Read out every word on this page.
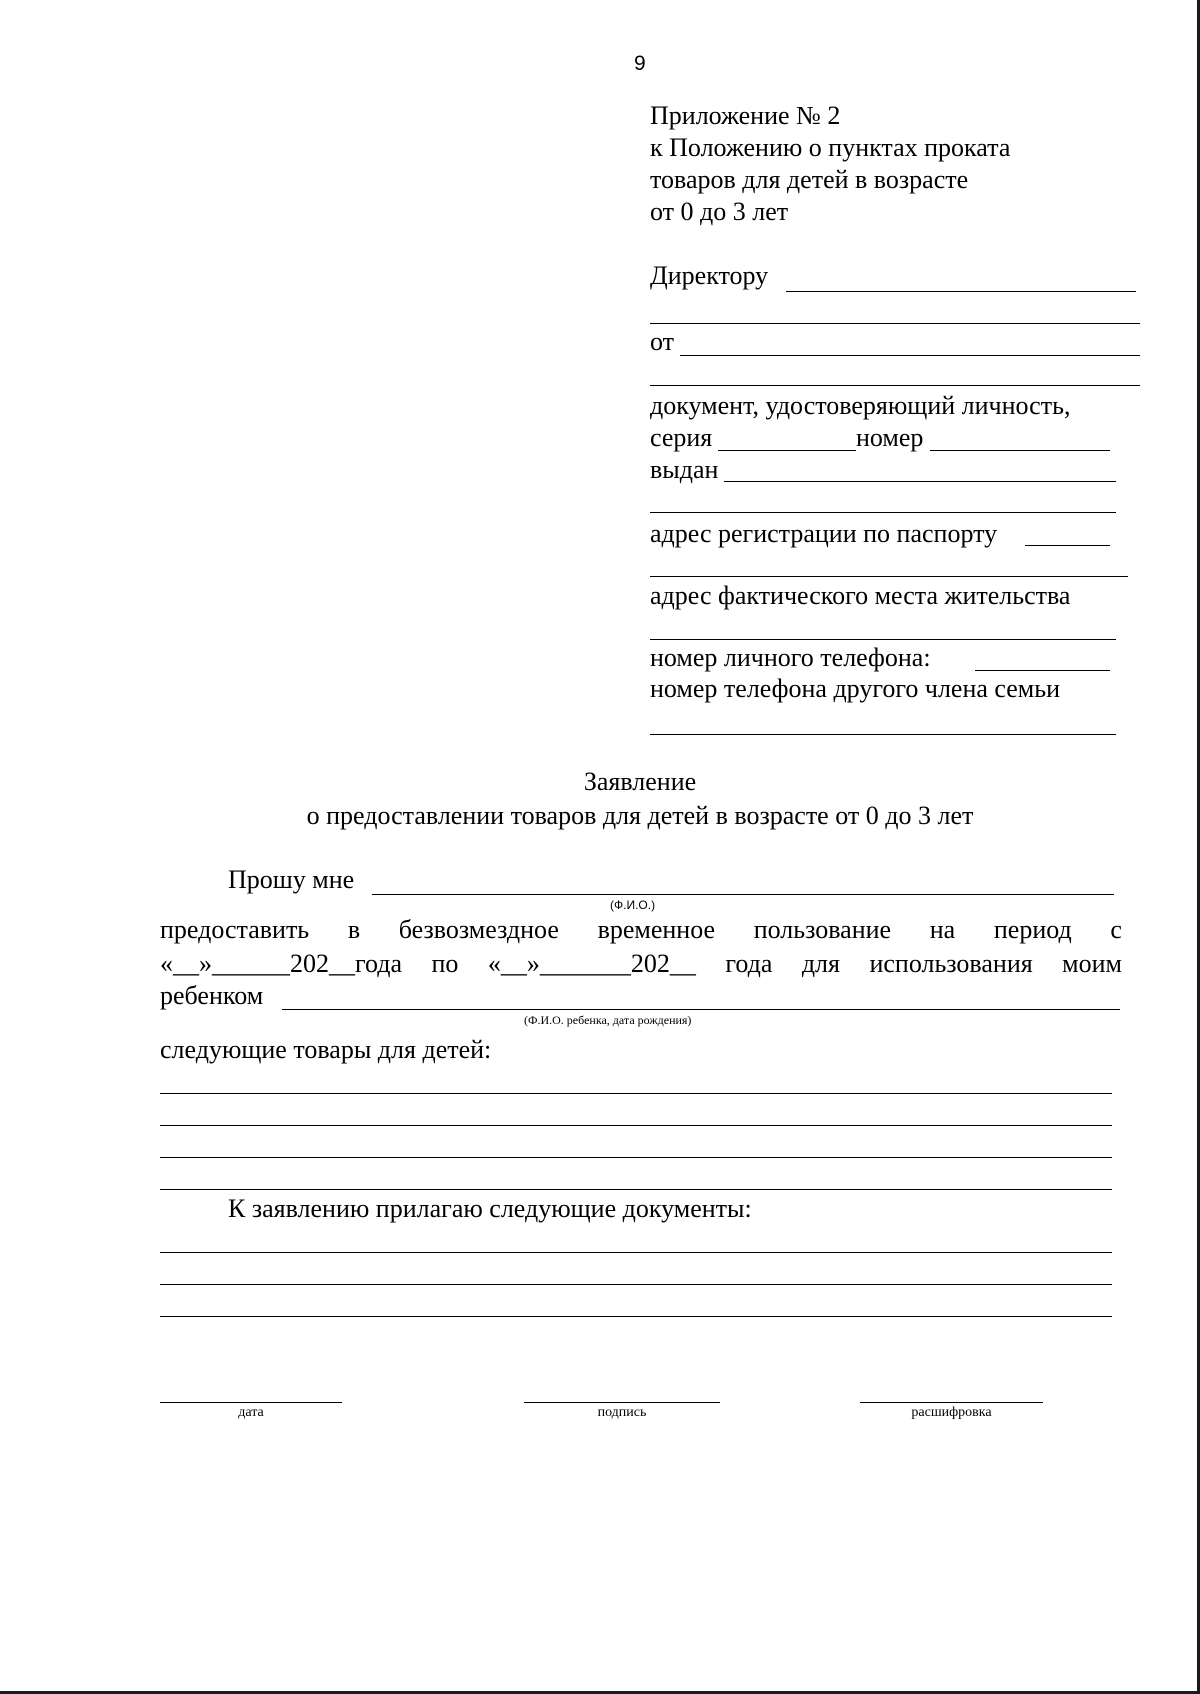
9
Приложение № 2
к Положению о пунктах проката
товаров для детей в возрасте
от 0 до 3 лет
Директору
от
документ, удостоверяющий личность,
серия	номер
выдан
адрес регистрации по паспорту
адрес фактического места жительства
номер личного телефона:
номер телефона другого члена семьи
Заявление
о предоставлении товаров для детей в возрасте от 0 до 3 лет
Прошу мне
(Ф.И.О.)
предоставить в безвозмездное временное пользование на период с
«__»______202__года по «__»_______202__ года для использования моим
ребенком
(Ф.И.О. ребенка, дата рождения)
следующие товары для детей:
К заявлению прилагаю следующие документы:
дата	подпись	расшифровка
